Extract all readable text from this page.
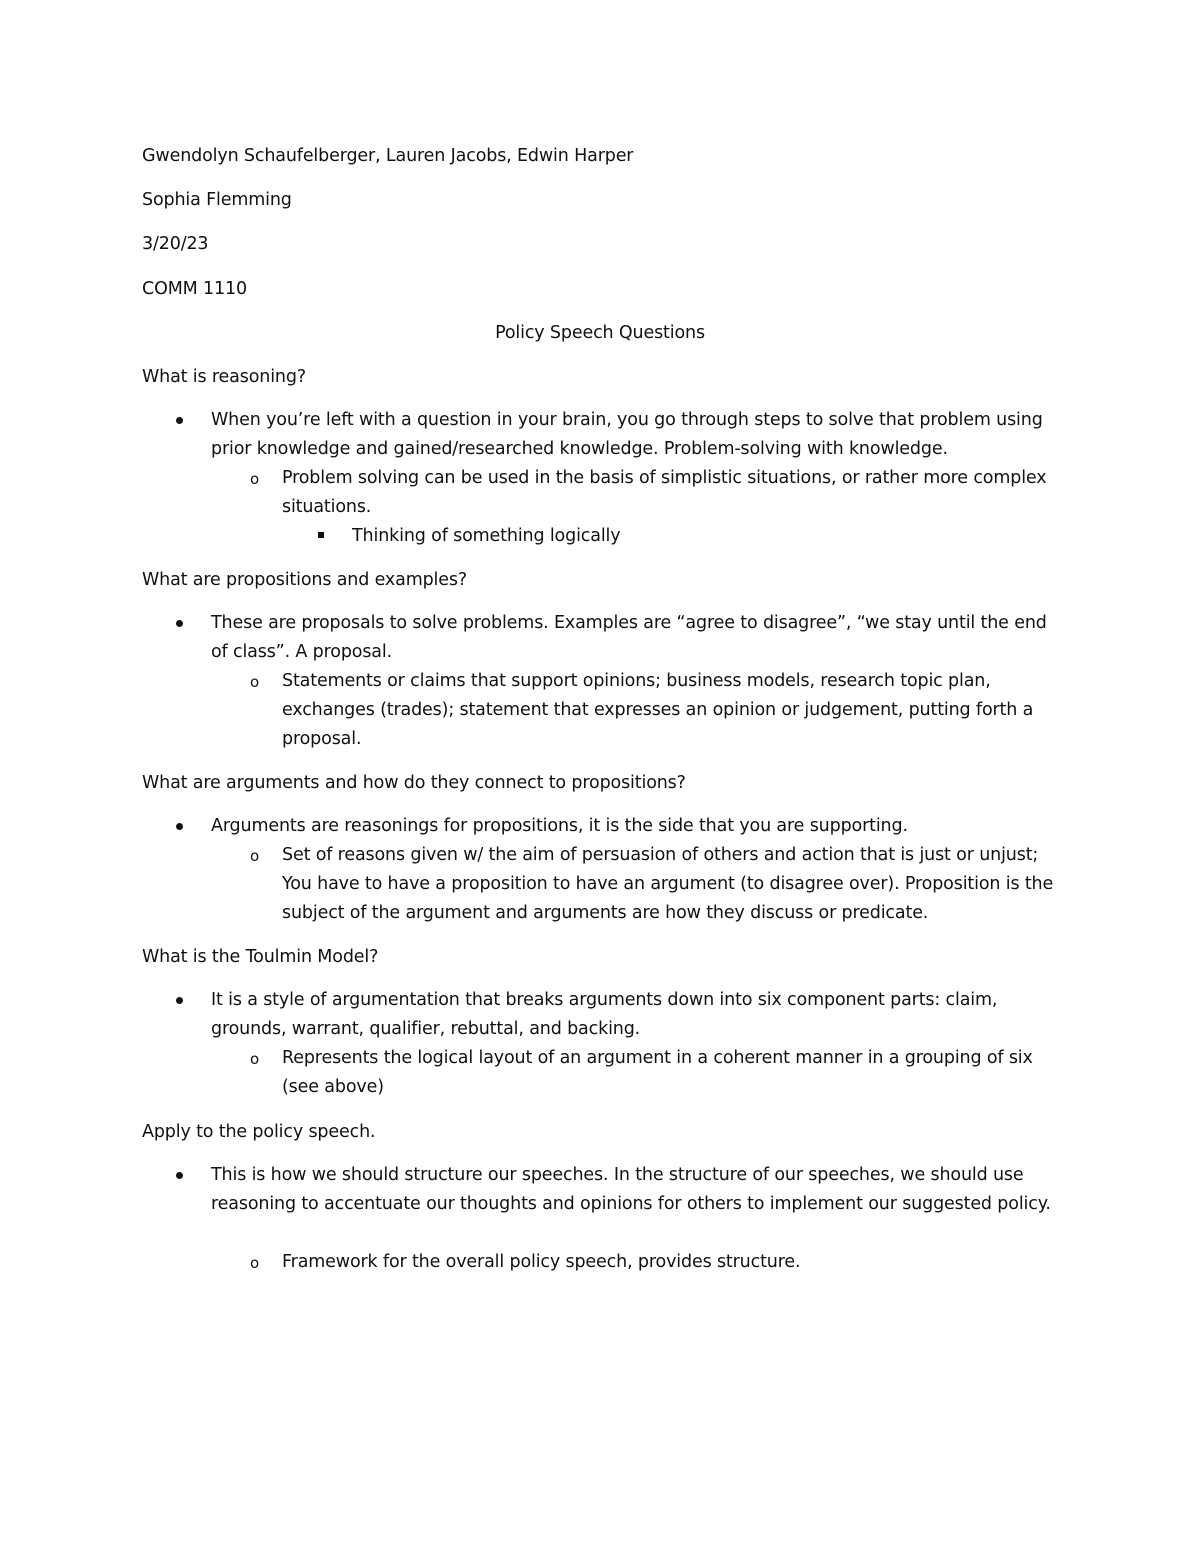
Gwendolyn Schaufelberger, Lauren Jacobs, Edwin Harper
Sophia Flemming
3/20/23
COMM 1110
Policy Speech Questions
What is reasoning?
When you’re left with a question in your brain, you go through steps to solve that problem using prior knowledge and gained/researched knowledge. Problem-solving with knowledge.
o Problem solving can be used in the basis of simplistic situations, or rather more complex situations.
Thinking of something logically
What are propositions and examples?
These are proposals to solve problems. Examples are “agree to disagree”, “we stay until the end of class”. A proposal.
o Statements or claims that support opinions; business models, research topic plan, exchanges (trades); statement that expresses an opinion or judgement, putting forth a proposal.
What are arguments and how do they connect to propositions?
Arguments are reasonings for propositions, it is the side that you are supporting.
o Set of reasons given w/ the aim of persuasion of others and action that is just or unjust; You have to have a proposition to have an argument (to disagree over). Proposition is the subject of the argument and arguments are how they discuss or predicate.
What is the Toulmin Model?
It is a style of argumentation that breaks arguments down into six component parts: claim, grounds, warrant, qualifier, rebuttal, and backing.
o Represents the logical layout of an argument in a coherent manner in a grouping of six (see above)
Apply to the policy speech.
This is how we should structure our speeches. In the structure of our speeches, we should use reasoning to accentuate our thoughts and opinions for others to implement our suggested policy.
o Framework for the overall policy speech, provides structure.
